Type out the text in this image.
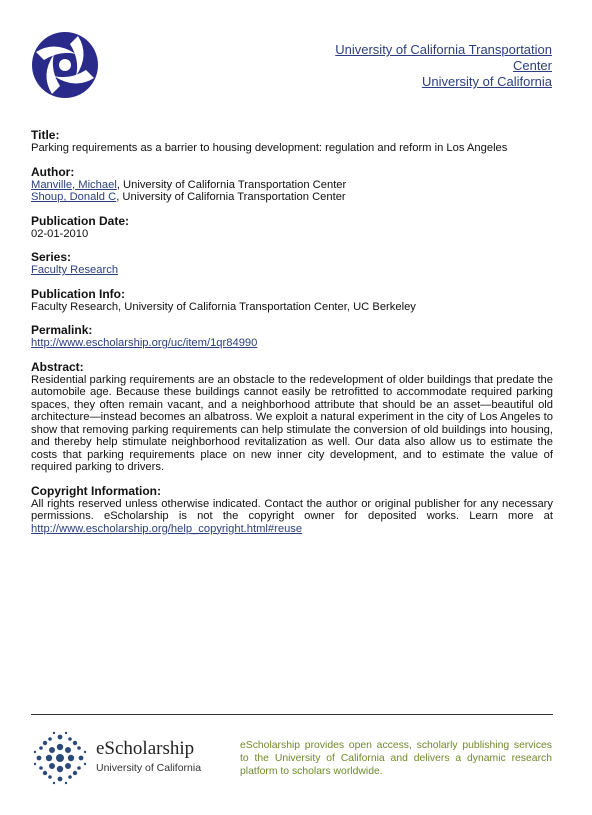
University of California Transportation
Center
University of California
Title:
Parking requirements as a barrier to housing development: regulation and reform in Los Angeles
Author:
Manville, Michael, University of California Transportation Center
Shoup, Donald C, University of California Transportation Center
Publication Date:
02-01-2010
Series:
Faculty Research
Publication Info:
Faculty Research, University of California Transportation Center, UC Berkeley
Permalink:
http://www.escholarship.org/uc/item/1qr84990
Abstract:
Residential parking requirements are an obstacle to the redevelopment of older buildings that predate the automobile age. Because these buildings cannot easily be retrofitted to accommodate required parking spaces, they often remain vacant, and a neighborhood attribute that should be an asset—beautiful old architecture—instead becomes an albatross. We exploit a natural experiment in the city of Los Angeles to show that removing parking requirements can help stimulate the conversion of old buildings into housing, and thereby help stimulate neighborhood revitalization as well. Our data also allow us to estimate the costs that parking requirements place on new inner city development, and to estimate the value of required parking to drivers.
Copyright Information:
All rights reserved unless otherwise indicated. Contact the author or original publisher for any necessary permissions. eScholarship is not the copyright owner for deposited works. Learn more at http://www.escholarship.org/help_copyright.html#reuse
eScholarship
University of California
eScholarship provides open access, scholarly publishing services to the University of California and delivers a dynamic research platform to scholars worldwide.
